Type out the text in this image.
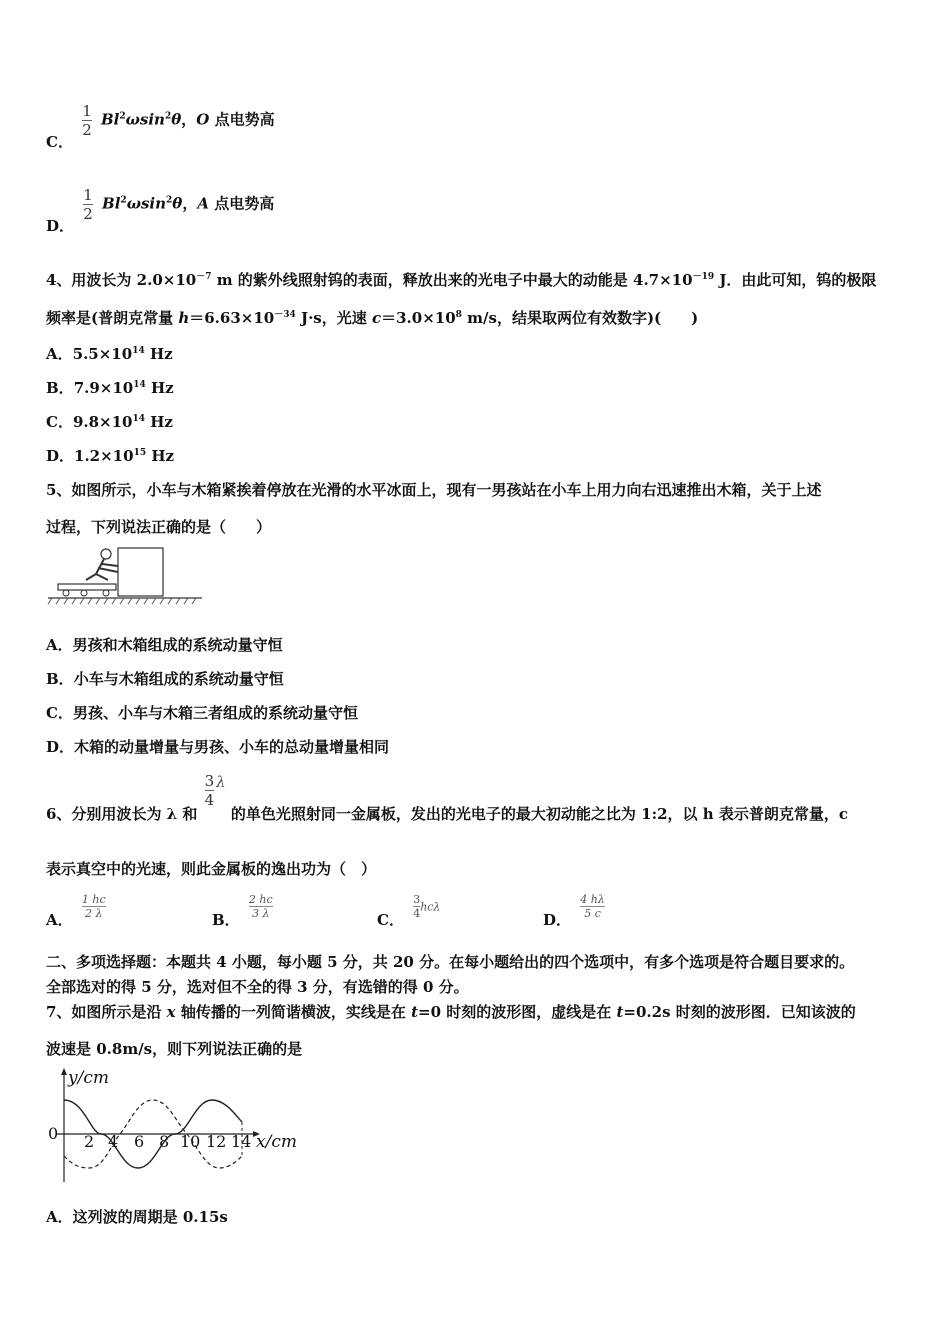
C．
$\frac{1}{2} Bl^2\omega\sin^2\theta$，O 点电势高
D．
$\frac{1}{2} Bl^2\omega\sin^2\theta$，A 点电势高
4、用波长为 $2.0\times 10^{-7}$ m 的紫外线照射钨的表面，释放出来的光电子中最大的动能是 $4.7\times 10^{-19}$ J．由此可知，钨的极限
频率是(普朗克常量 $h=6.63\times 10^{-34}$ J·s，光速 $c=3.0\times 10^8$ m/s，结果取两位有效数字)(　　)
A．$5.5\times 10^{14}$ Hz
B．$7.9\times 10^{14}$ Hz
C．$9.8\times 10^{14}$ Hz
D．$1.2\times 10^{15}$ Hz
5、如图所示，小车与木箱紧挨着停放在光滑的水平冰面上，现有一男孩站在小车上用力向右迅速推出木箱，关于上述
过程，下列说法正确的是（　　）
A．男孩和木箱组成的系统动量守恒
B．小车与木箱组成的系统动量守恒
C．男孩、小车与木箱三者组成的系统动量守恒
D．木箱的动量增量与男孩、小车的总动量增量相同
6、分别用波长为 λ 和
$\frac{3}{4}$ λ 的单色光照射同一金属板，发出的光电子的最大初动能之比为 1:2，以 h 表示普朗克常量，c
表示真空中的光速，则此金属板的逸出功为（　）
A． $\frac{1 hc}{2 \lambda}$	B． $\frac{2 hc}{3 \lambda}$	C． $\frac{3}{4}hc\lambda$
D． $\frac{4 h\lambda}{5 c}$
二、多项选择题：本题共 4 小题，每小题 5 分，共 20 分。在每小题给出的四个选项中，有多个选项是符合题目要求的。
全部选对的得 5 分，选对但不全的得 3 分，有选错的得 0 分。
7、如图所示是沿 x 轴传播的一列简谐横波，实线是在 t=0 时刻的波形图，虚线是在 t=0.2s 时刻的波形图．已知该波的
波速是 0.8m/s，则下列说法正确的是
y/cm
0 2 4 6 8 10 12 14 x/cm
A．这列波的周期是 0.15s
